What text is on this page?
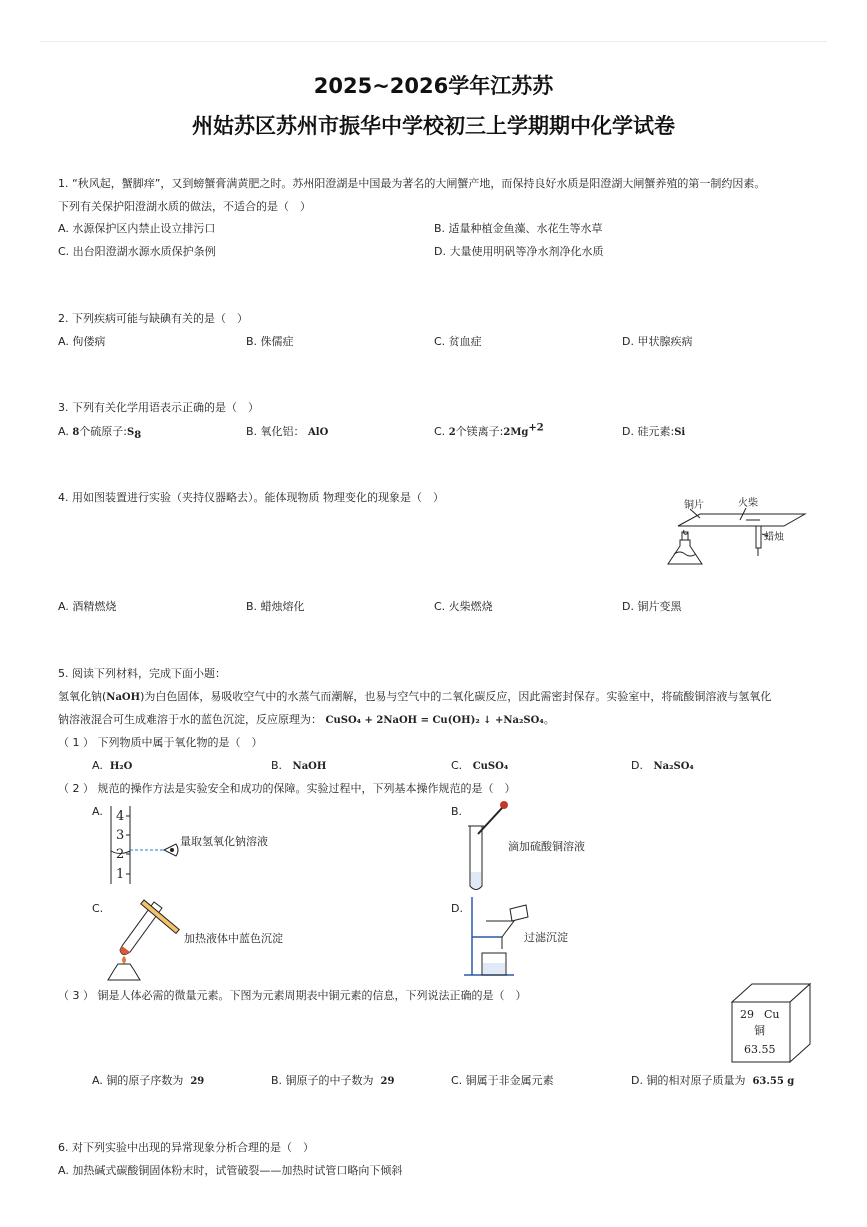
2025~2026学年江苏苏
州姑苏区苏州市振华中学校初三上学期期中化学试卷
1. “秋风起，蟹脚痒”，又到螃蟹膏满黄肥之时。苏州阳澄湖是中国最为著名的大闸蟹产地，而保持良好水质是阳澄湖大闸蟹养殖的第一制约因素。
下列有关保护阳澄湖水质的做法，不适合的是（　）
A. 水源保护区内禁止设立排污口	B. 适量种植金鱼藻、水花生等水草
C. 出台阳澄湖水源水质保护条例	D. 大量使用明矾等净水剂净化水质
2. 下列疾病可能与缺碘有关的是（　）
A. 佝偻病	B. 侏儒症	C. 贫血症	D. 甲状腺疾病
3. 下列有关化学用语表示正确的是（　）
A. 8个硫原子$:S_8$	B. 氧化铝： AlO	C. 2个镁离子$:2Mg^{+2}$	D. 硅元素:Si
4. 用如图装置进行实验（夹持仪器略去）。能体现物质 物理变化的现象是（　）
铜片	火柴
蜡烛
A. 酒精燃烧	B. 蜡烛熔化	C. 火柴燃烧	D. 铜片变黑
5. 阅读下列材料，完成下面小题：
氢氧化钠(NaOH)为白色固体，易吸收空气中的水蒸气而潮解，也易与空气中的二氧化碳反应，因此需密封保存。实验室中，将硫酸铜溶液与氢氧化
钠溶液混合可生成难溶于水的蓝色沉淀，反应原理为： CuSO₄ + 2NaOH = Cu(OH)₂ ↓ +Na₂SO₄。
（ 1 ） 下列物质中属于氧化物的是（　）
A. H₂O	B. NaOH	C. CuSO₄	D. Na₂SO₄
（ 2 ） 规范的操作方法是实验安全和成功的保障。实验过程中，下列基本操作规范的是（　）
A. 4
3
2
1
量取氢氧化钠溶液
B.
滴加硫酸铜溶液
C.
加热液体中蓝色沉淀
D.
过滤沉淀
（ 3 ） 铜是人体必需的微量元素。下图为元素周期表中铜元素的信息，下列说法正确的是（　）
29 Cu
铜
63.55
A. 铜的原子序数为 29	B. 铜原子的中子数为 29	C. 铜属于非金属元素	D. 铜的相对原子质量为 63.55 g
6. 对下列实验中出现的异常现象分析合理的是（　）
A. 加热碱式碳酸铜固体粉末时，试管破裂——加热时试管口略向下倾斜
